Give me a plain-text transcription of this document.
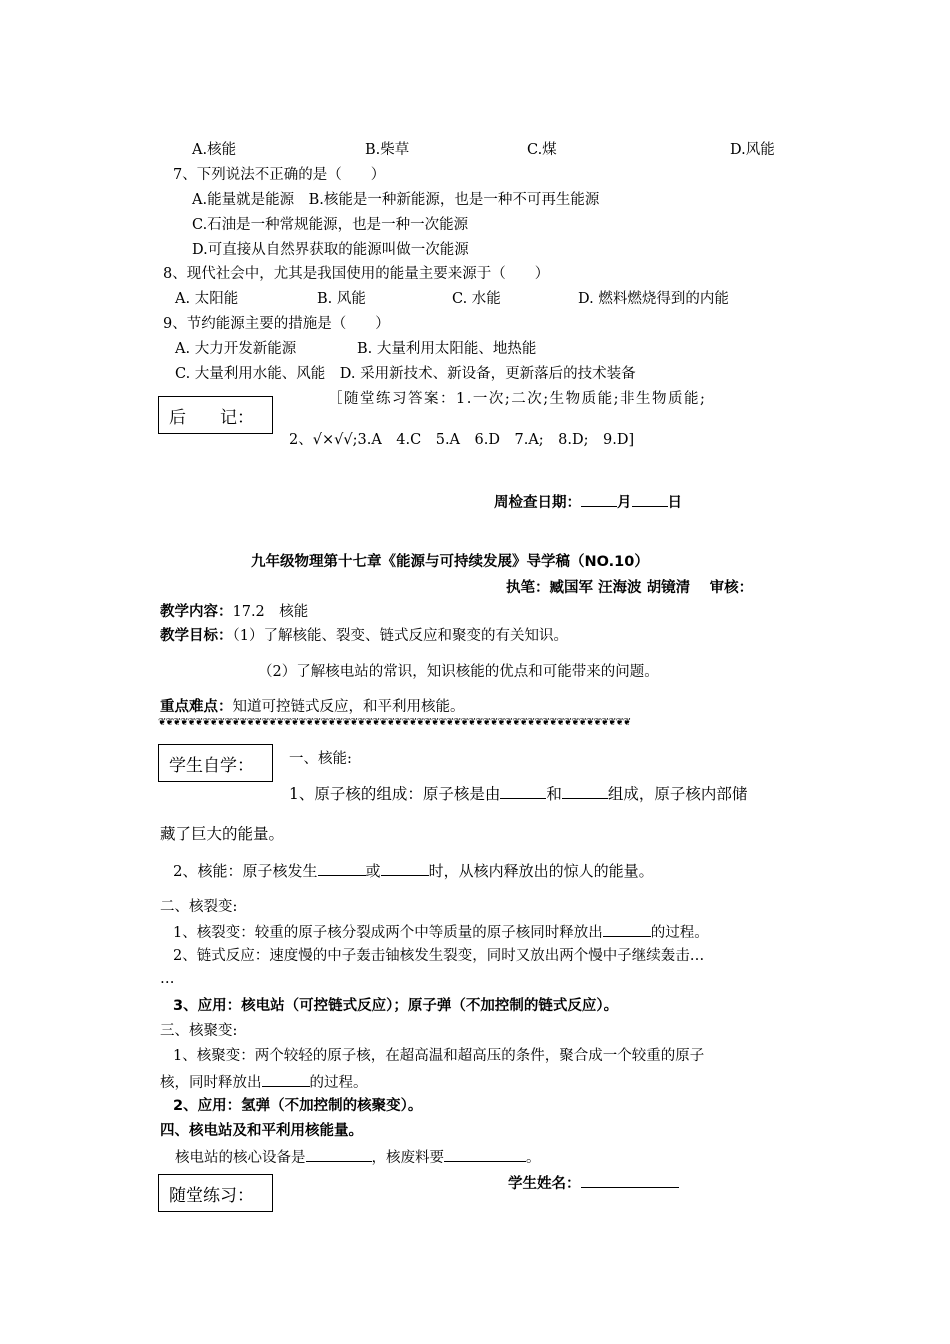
A.核能	B.柴草	C.煤	D.风能
7、下列说法不正确的是（　　）
A.能量就是能源　B.核能是一种新能源，也是一种不可再生能源
C.石油是一种常规能源，也是一种一次能源
D.可直接从自然界获取的能源叫做一次能源
8、现代社会中，尤其是我国使用的能量主要来源于（　　）
A. 太阳能	B. 风能	C. 水能	D. 燃料燃烧得到的内能
9、节约能源主要的措施是（　　）
A. 大力开发新能源	B. 大量利用太阳能、地热能
C. 大量利用水能、风能　D. 采用新技术、新设备，更新落后的技术装备
后　　记：
［随堂练习答案：1.一次;二次;生物质能;非生物质能;
2、√×√√;3.A　4.C　5.A　6.D　7.A;　8.D;　9.D]
周检查日期： 月 日
九年级物理第十七章《能源与可持续发展》导学稿（NO.10）
执笔：臧国军 汪海波 胡镜清　 审核：
教学内容：17.2　核能
教学目标：（1）了解核能、裂变、链式反应和聚变的有关知识。
（2）了解核电站的常识，知识核能的优点和可能带来的问题。
重点难点：知道可控链式反应，和平利用核能。
❦❦❦❦❦❦❦❦❦❦❦❦❦❦❦❦❦❦❦❦❦❦❦❦❦❦❦❦❦❦❦❦❦❦❦❦❦❦❦❦❦❦❦❦❦❦❦❦❦❦❦❦❦❦❦❦❦❦❦❦❦❦❦❦
学生自学： 一、核能:
1、原子核的组成：原子核是由	和	组成，原子核内部储
藏了巨大的能量。
2、核能：原子核发生	或	时，从核内释放出的惊人的能量。
二、核裂变:
1、核裂变：较重的原子核分裂成两个中等质量的原子核同时释放出	的过程。
2、链式反应：速度慢的中子轰击铀核发生裂变，同时又放出两个慢中子继续轰击…
…
3、应用：核电站（可控链式反应）；原子弹（不加控制的链式反应）。
三、核聚变:
1、核聚变：两个较轻的原子核，在超高温和超高压的条件，聚合成一个较重的原子
核，同时释放出	的过程。
2、应用：氢弹（不加控制的核聚变）。
四、核电站及和平利用核能量。
核电站的核心设备是	，核废料要	。
学生姓名：
随堂练习：
